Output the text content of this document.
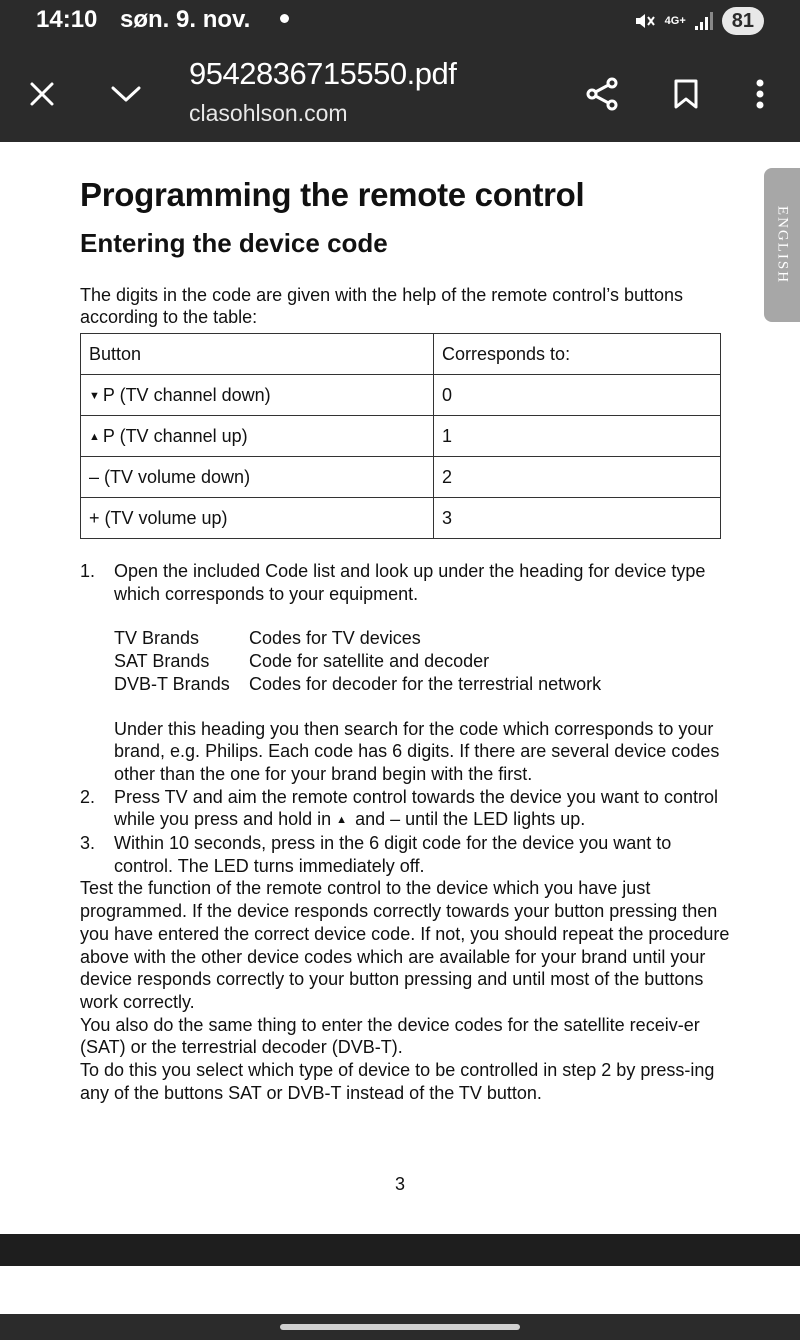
14:10 søn. 9. nov.	4G+	81
9542836715550.pdf
clasohlson.com
ENGLISH
Programming the remote control
Entering the device code
The digits in the code are given with the help of the remote control’s buttons according to the table:
Button	Corresponds to:
▼ P (TV channel down)	0
▲ P (TV channel up)	1
– (TV volume down)	2
+ (TV volume up)	3
1. Open the included Code list and look up under the heading for device type which corresponds to your equipment.
TV Brands	Codes for TV devices
SAT Brands	Code for satellite and decoder
DVB-T Brands	Codes for decoder for the terrestrial network
Under this heading you then search for the code which corresponds to your brand, e.g. Philips. Each code has 6 digits. If there are several device codes other than the one for your brand begin with the first.
2. Press TV and aim the remote control towards the device you want to control while you press and hold in ▲ and – until the LED lights up.
3. Within 10 seconds, press in the 6 digit code for the device you want to control. The LED turns immediately off.

Test the function of the remote control to the device which you have just programmed. If the device responds correctly towards your button pressing then you have entered the correct device code. If not, you should repeat the procedure above with the other device codes which are available for your brand until your device responds correctly to your button pressing and until most of the buttons work correctly.

You also do the same thing to enter the device codes for the satellite receiv-er (SAT) or the terrestrial decoder (DVB-T).

To do this you select which type of device to be controlled in step 2 by press-ing any of the buttons SAT or DVB-T instead of the TV button.

3
